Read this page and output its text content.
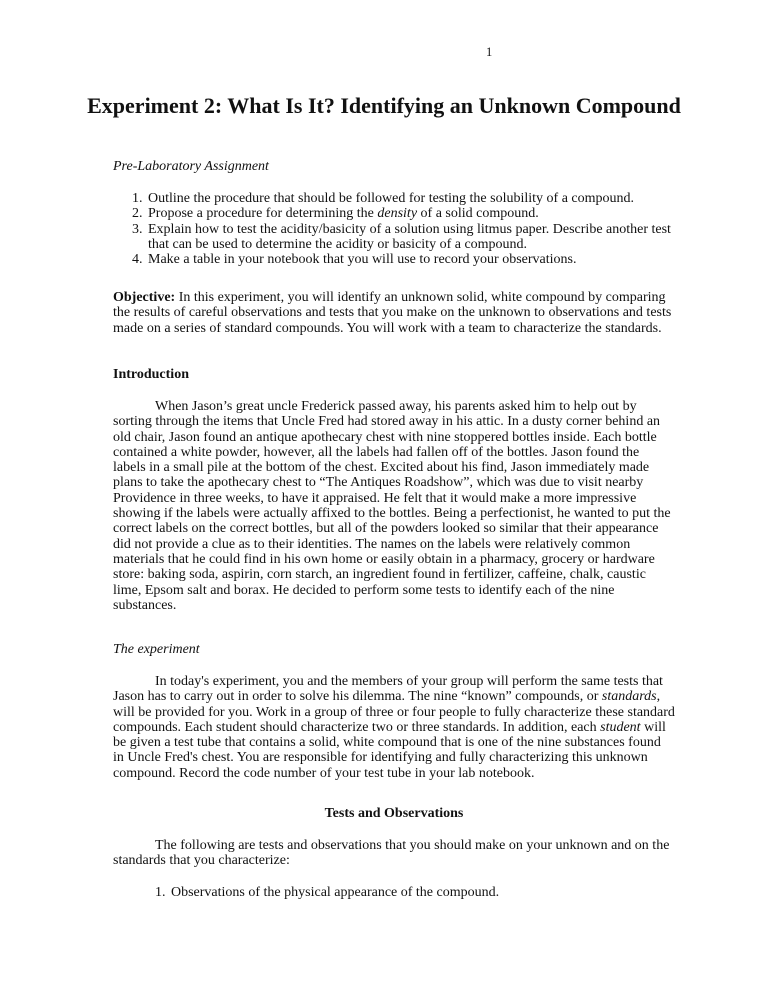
1
Experiment 2: What Is It? Identifying an Unknown Compound

Pre-Laboratory Assignment

1. Outline the procedure that should be followed for testing the solubility of a compound.
2. Propose a procedure for determining the density of a solid compound.
3. Explain how to test the acidity/basicity of a solution using litmus paper. Describe another test that can be used to determine the acidity or basicity of a compound.
4. Make a table in your notebook that you will use to record your observations.

Objective: In this experiment, you will identify an unknown solid, white compound by comparing the results of careful observations and tests that you make on the unknown to observations and tests made on a series of standard compounds. You will work with a team to characterize the standards.

Introduction

When Jason’s great uncle Frederick passed away, his parents asked him to help out by sorting through the items that Uncle Fred had stored away in his attic. In a dusty corner behind an old chair, Jason found an antique apothecary chest with nine stoppered bottles inside. Each bottle contained a white powder, however, all the labels had fallen off of the bottles. Jason found the labels in a small pile at the bottom of the chest. Excited about his find, Jason immediately made plans to take the apothecary chest to “The Antiques Roadshow”, which was due to visit nearby Providence in three weeks, to have it appraised. He felt that it would make a more impressive showing if the labels were actually affixed to the bottles. Being a perfectionist, he wanted to put the correct labels on the correct bottles, but all of the powders looked so similar that their appearance did not provide a clue as to their identities. The names on the labels were relatively common materials that he could find in his own home or easily obtain in a pharmacy, grocery or hardware store: baking soda, aspirin, corn starch, an ingredient found in fertilizer, caffeine, chalk, caustic lime, Epsom salt and borax. He decided to perform some tests to identify each of the nine substances.

The experiment

In today's experiment, you and the members of your group will perform the same tests that Jason has to carry out in order to solve his dilemma. The nine “known” compounds, or standards, will be provided for you. Work in a group of three or four people to fully characterize these standard compounds. Each student should characterize two or three standards. In addition, each student will be given a test tube that contains a solid, white compound that is one of the nine substances found in Uncle Fred's chest. You are responsible for identifying and fully characterizing this unknown compound. Record the code number of your test tube in your lab notebook.

Tests and Observations

The following are tests and observations that you should make on your unknown and on the standards that you characterize:

1. Observations of the physical appearance of the compound.
